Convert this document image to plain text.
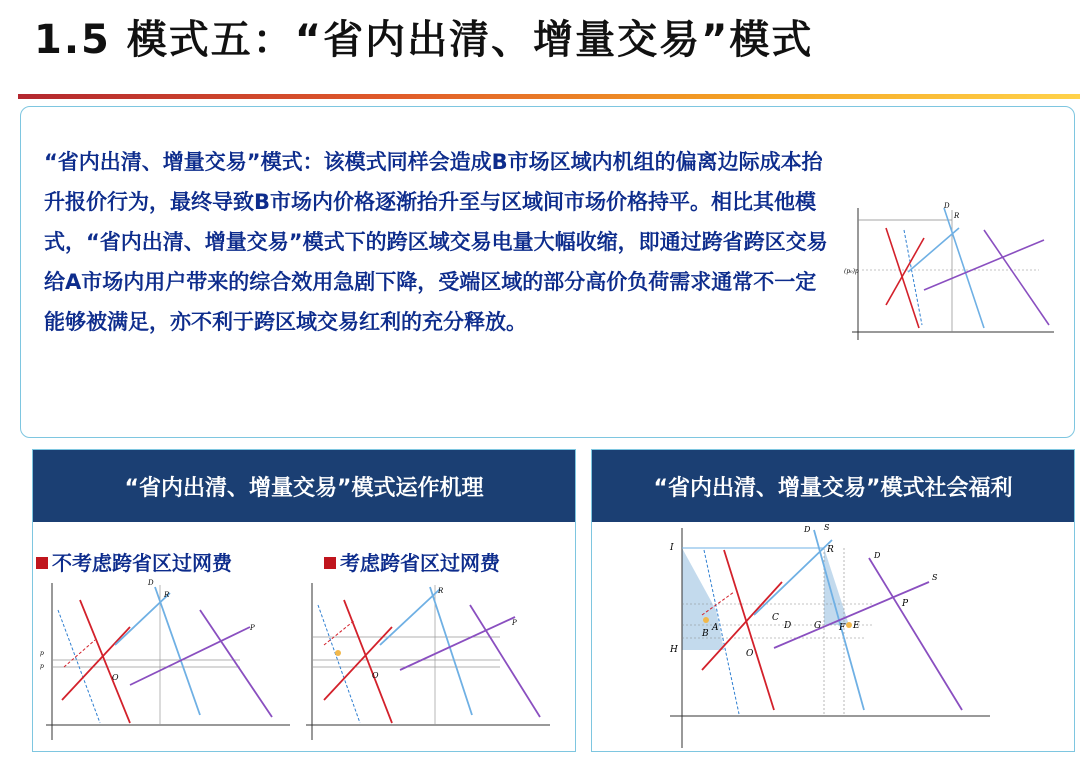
1.5 模式五：“省内出清、增量交易”模式
“省内出清、增量交易”模式：该模式同样会造成B市场区域内机组的偏离边际成本抬升报价行为，最终导致B市场内价格逐渐抬升至与区域间市场价格持平。相比其他模式，“省内出清、增量交易”模式下的跨区域交易电量大幅收缩，即通过跨省跨区交易给A市场内用户带来的综合效用急剧下降，受端区域的部分高价负荷需求通常不一定能够被满足，亦不利于跨区域交易红利的充分释放。
D
R
(p₀)p
“省内出清、增量交易”模式运作机理
不考虑跨省区过网费	考虑跨省区过网费
D
R
O
P
p
p
O
P
R
“省内出清、增量交易”模式社会福利
I
H
R
O
P
E
F
G
C
D
A
B
D S
D
S
